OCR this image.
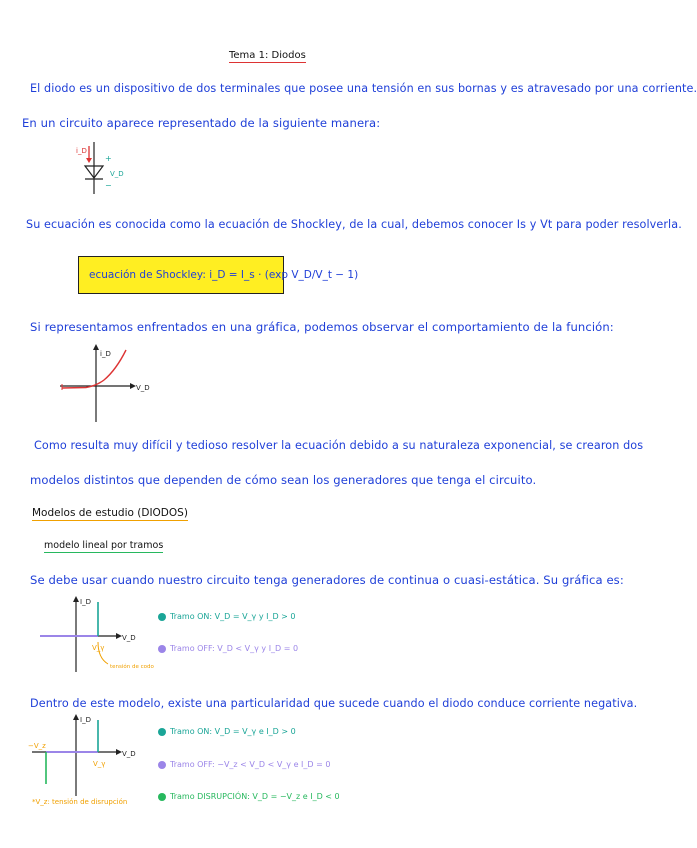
Tema 1: Diodos
El diodo es un dispositivo de dos terminales que posee una tensión en sus bornas y es atravesado por una corriente.
En un circuito aparece representado de la siguiente manera:
i_D
+
V_D
−
Su ecuación es conocida como la ecuación de Shockley, de la cual, debemos conocer Is y Vt para poder resolverla.
ecuación de Shockley: i_D = I_s · (exp V_D/V_t − 1)
Si representamos enfrentados en una gráfica, podemos observar el comportamiento de la función:
i_D
V_D
Como resulta muy difícil y tedioso resolver la ecuación debido a su naturaleza exponencial, se crearon dos
modelos distintos que dependen de cómo sean los generadores que tenga el circuito.
Modelos de estudio (DIODOS)
modelo lineal por tramos
Se debe usar cuando nuestro circuito tenga generadores de continua o cuasi-estática. Su gráfica es:
I_D
V_D
V_γ
tensión de codo
Tramo ON: V_D = V_γ y I_D > 0
Tramo OFF: V_D < V_γ y I_D = 0
Dentro de este modelo, existe una particularidad que sucede cuando el diodo conduce corriente negativa.
I_D
V_D
−V_z
V_γ
*V_z: tensión de disrupción
Tramo ON: V_D = V_γ e I_D > 0
Tramo OFF: −V_z < V_D < V_γ e I_D = 0
Tramo DISRUPCIÓN: V_D = −V_z e I_D < 0
